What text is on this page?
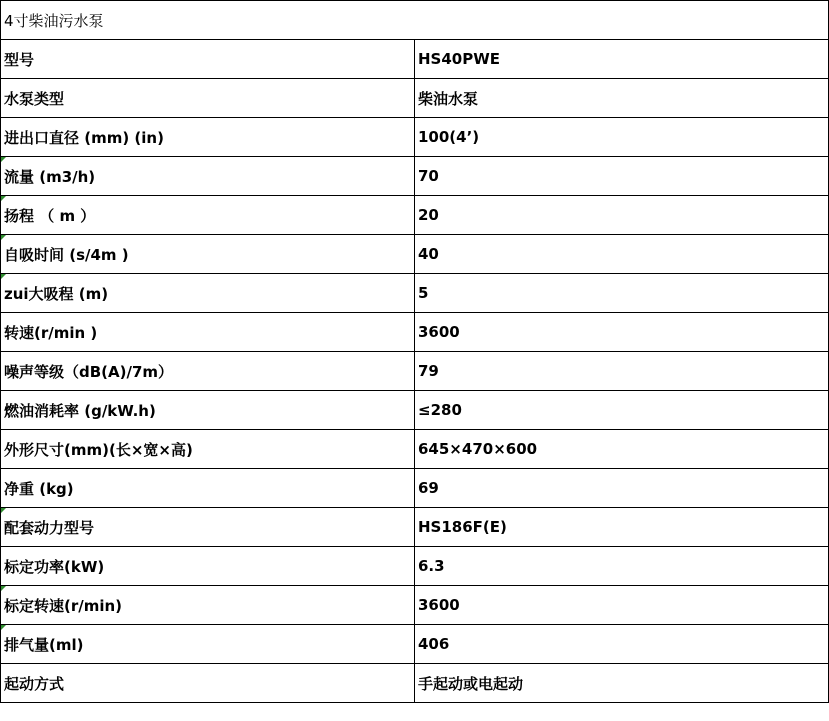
4寸柴油污水泵	
型号	HS40PWE
水泵类型	柴油水泵
进出口直径 (mm) (in)	100(4’)

流量 (m3/h)	70

扬程 （ m ）	20

自吸时间 (s/4m )	40

zui大吸程 (m)	5
转速(r/min )	3600
噪声等级（dB(A)/7m）	79
燃油消耗率 (g/kW.h)	≤280
外形尺寸(mm)(长×宽×高)	645×470×600
净重 (kg)	69

配套动力型号	HS186F(E)
标定功率(kW)	6.3

标定转速(r/min)	3600

排气量(ml)	406
起动方式	手起动或电起动
